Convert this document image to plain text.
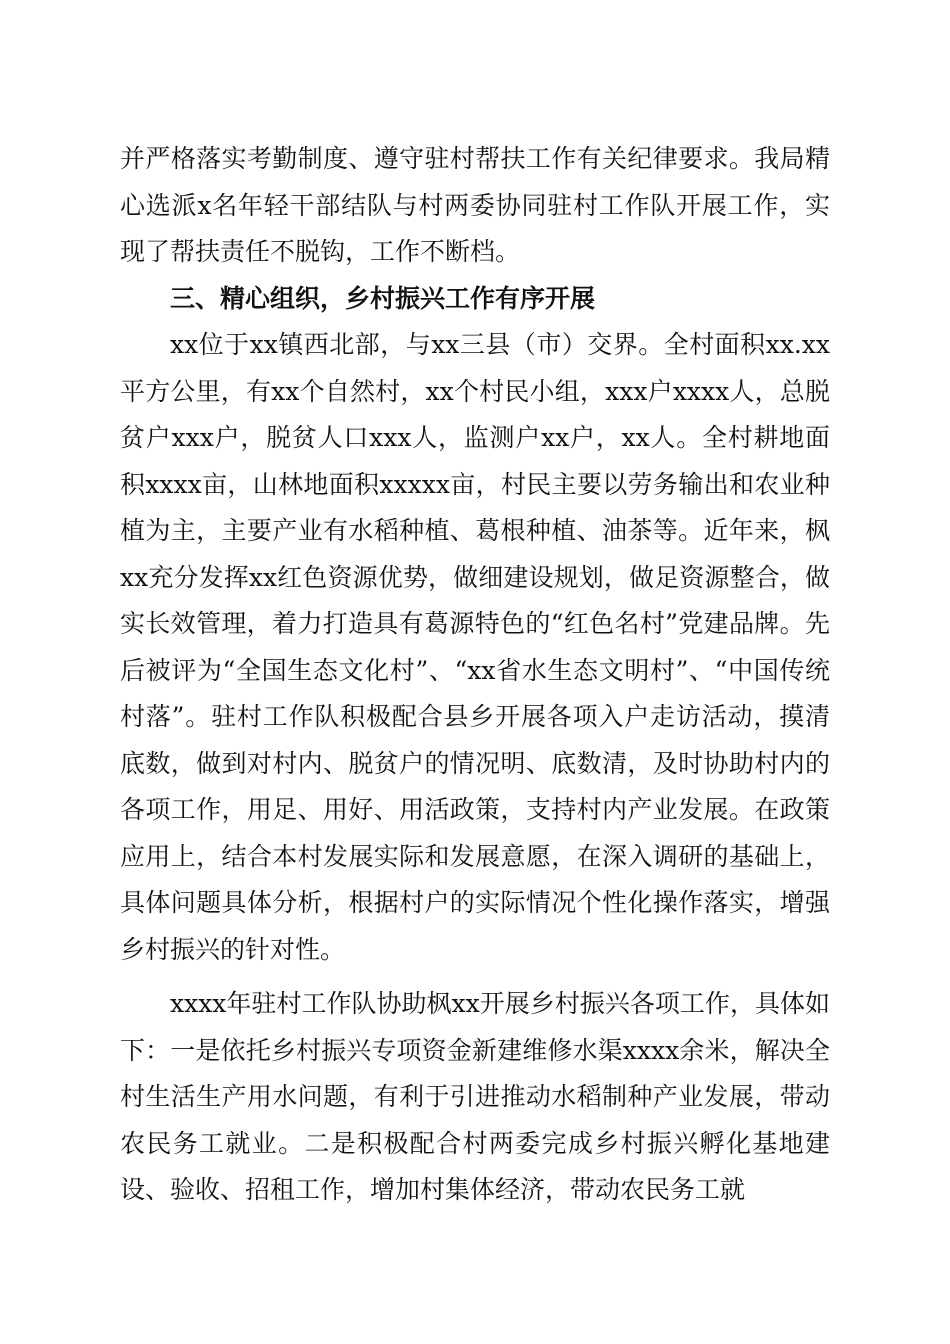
并严格落实考勤制度、遵守驻村帮扶工作有关纪律要求。我局精心选派x名年轻干部结队与村两委协同驻村工作队开展工作，实现了帮扶责任不脱钩，工作不断档。

三、精心组织，乡村振兴工作有序开展

xx位于xx镇西北部，与xx三县（市）交界。全村面积xx.xx平方公里，有xx个自然村，xx个村民小组，xxx户xxxx人，总脱贫户xxx户，脱贫人口xxx人，监测户xx户，xx人。全村耕地面积xxxx亩，山林地面积xxxxx亩，村民主要以劳务输出和农业种植为主，主要产业有水稻种植、葛根种植、油茶等。近年来，枫xx充分发挥xx红色资源优势，做细建设规划，做足资源整合，做实长效管理，着力打造具有葛源特色的“红色名村”党建品牌。先后被评为“全国生态文化村”、“xx省水生态文明村”、“中国传统村落”。驻村工作队积极配合县乡开展各项入户走访活动，摸清底数，做到对村内、脱贫户的情况明、底数清，及时协助村内的各项工作，用足、用好、用活政策，支持村内产业发展。在政策应用上，结合本村发展实际和发展意愿，在深入调研的基础上，具体问题具体分析，根据村户的实际情况个性化操作落实，增强乡村振兴的针对性。

xxxx年驻村工作队协助枫xx开展乡村振兴各项工作，具体如下：一是依托乡村振兴专项资金新建维修水渠xxxx余米，解决全村生活生产用水问题，有利于引进推动水稻制种产业发展，带动农民务工就业。二是积极配合村两委完成乡村振兴孵化基地建设、验收、招租工作，增加村集体经济，带动农民务工就
